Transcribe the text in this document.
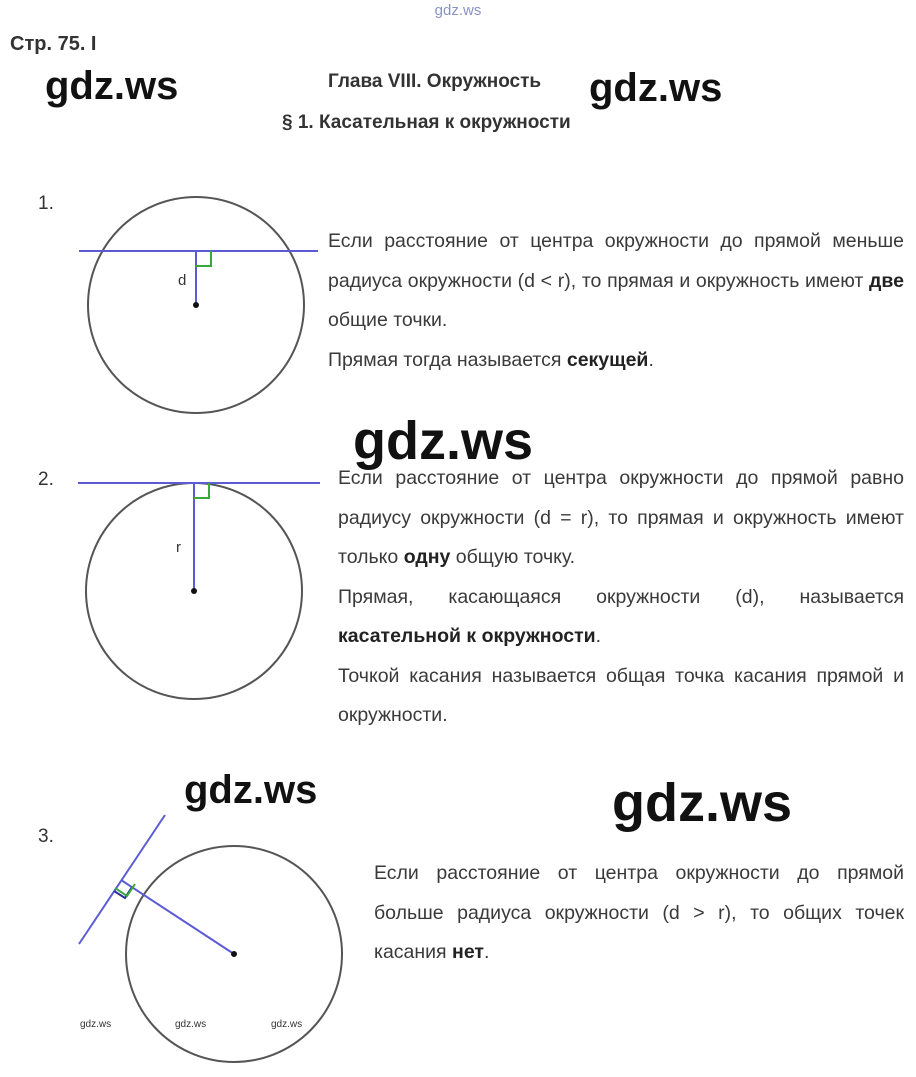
gdz.ws
Стр. 75. I
Глава VIII. Окружность
§ 1. Касательная к окружности
d
r
1.
2.
3.

Если расстояние от центра окружности до прямой меньше радиуса окружности (d < r), то прямая и окружность имеют две общие точки.

Прямая тогда называется секущей.

Если расстояние от центра окружности до прямой равно радиусу окружности (d = r), то прямая и окружность имеют только одну общую точку.

Прямая, касающаяся окружности (d), называется касательной к окружности.

Точкой касания называется общая точка касания прямой и окружности.

Если расстояние от центра окружности до прямой больше радиуса окружности (d > r), то общих точек касания нет.

gdz.ws	gdz.ws
gdz.ws
gdz.ws	gdz.ws
gdz.ws	gdz.ws	gdz.ws
